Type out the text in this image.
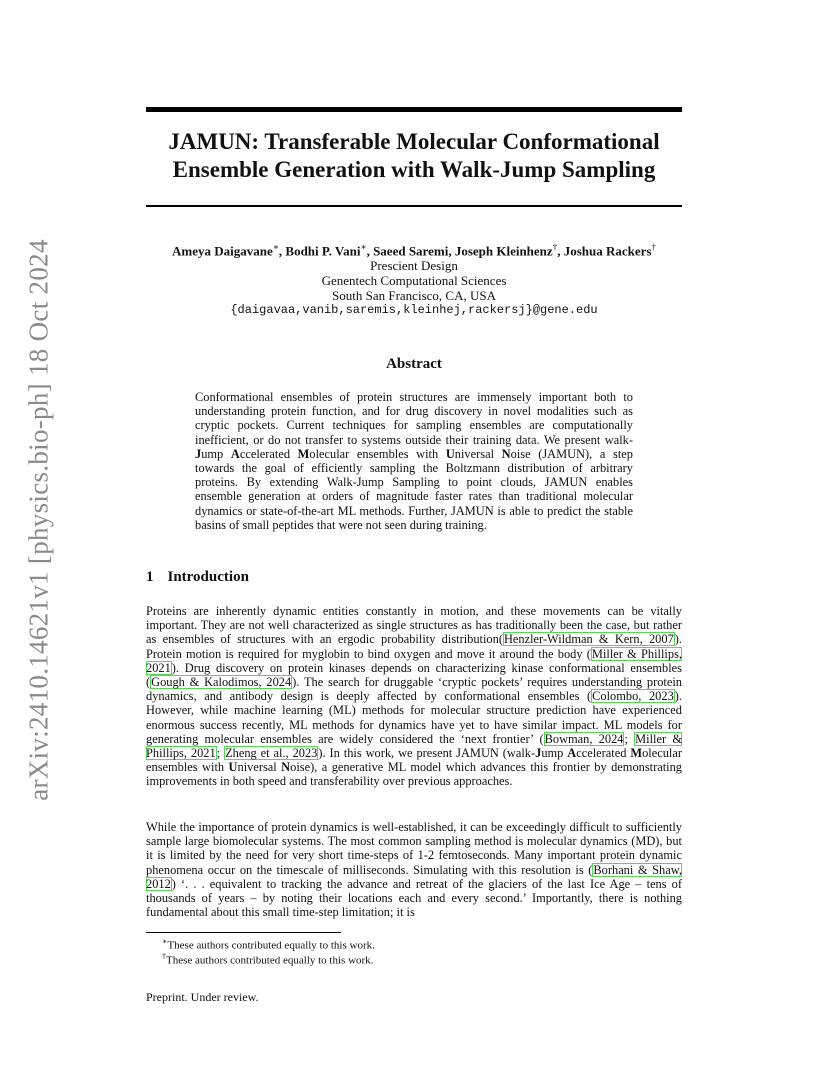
arXiv:2410.14621v1 [physics.bio-ph] 18 Oct 2024
JAMUN: Transferable Molecular Conformational
Ensemble Generation with Walk-Jump Sampling
Ameya Daigavane∗, Bodhi P. Vani∗, Saeed Saremi, Joseph Kleinhenz†, Joshua Rackers†
Prescient Design
Genentech Computational Sciences
South San Francisco, CA, USA
{daigavaa,vanib,saremis,kleinhej,rackersj}@gene.edu
Abstract
Conformational ensembles of protein structures are immensely important both to understanding protein function, and for drug discovery in novel modalities such as cryptic pockets. Current techniques for sampling ensembles are computationally inefficient, or do not transfer to systems outside their training data. We present walk-Jump Accelerated Molecular ensembles with Universal Noise (JAMUN), a step towards the goal of efficiently sampling the Boltzmann distribution of arbitrary proteins. By extending Walk-Jump Sampling to point clouds, JAMUN enables ensemble generation at orders of magnitude faster rates than traditional molecular dynamics or state-of-the-art ML methods. Further, JAMUN is able to predict the stable basins of small peptides that were not seen during training.
1 Introduction

Proteins are inherently dynamic entities constantly in motion, and these movements can be vitally important. They are not well characterized as single structures as has traditionally been the case, but rather as ensembles of structures with an ergodic probability distribution(Henzler-Wildman & Kern, 2007). Protein motion is required for myglobin to bind oxygen and move it around the body (Miller & Phillips, 2021). Drug discovery on protein kinases depends on characterizing kinase conformational ensembles (Gough & Kalodimos, 2024). The search for druggable ‘cryptic pockets’ requires understanding protein dynamics, and antibody design is deeply affected by conformational ensembles (Colombo, 2023). However, while machine learning (ML) methods for molecular structure prediction have experienced enormous success recently, ML methods for dynamics have yet to have similar impact. ML models for generating molecular ensembles are widely considered the ‘next frontier’ (Bowman, 2024; Miller & Phillips, 2021; Zheng et al., 2023). In this work, we present JAMUN (walk-Jump Accelerated Molecular ensembles with Universal Noise), a generative ML model which advances this frontier by demonstrating improvements in both speed and transferability over previous approaches.

While the importance of protein dynamics is well-established, it can be exceedingly difficult to sufficiently sample large biomolecular systems. The most common sampling method is molecular dynamics (MD), but it is limited by the need for very short time-steps of 1-2 femtoseconds. Many important protein dynamic phenomena occur on the timescale of milliseconds. Simulating with this resolution is (Borhani & Shaw, 2012) ‘. . . equivalent to tracking the advance and retreat of the glaciers of the last Ice Age – tens of thousands of years – by noting their locations each and every second.’ Importantly, there is nothing fundamental about this small time-step limitation; it is

∗These authors contributed equally to this work.
†These authors contributed equally to this work.
Preprint. Under review.
